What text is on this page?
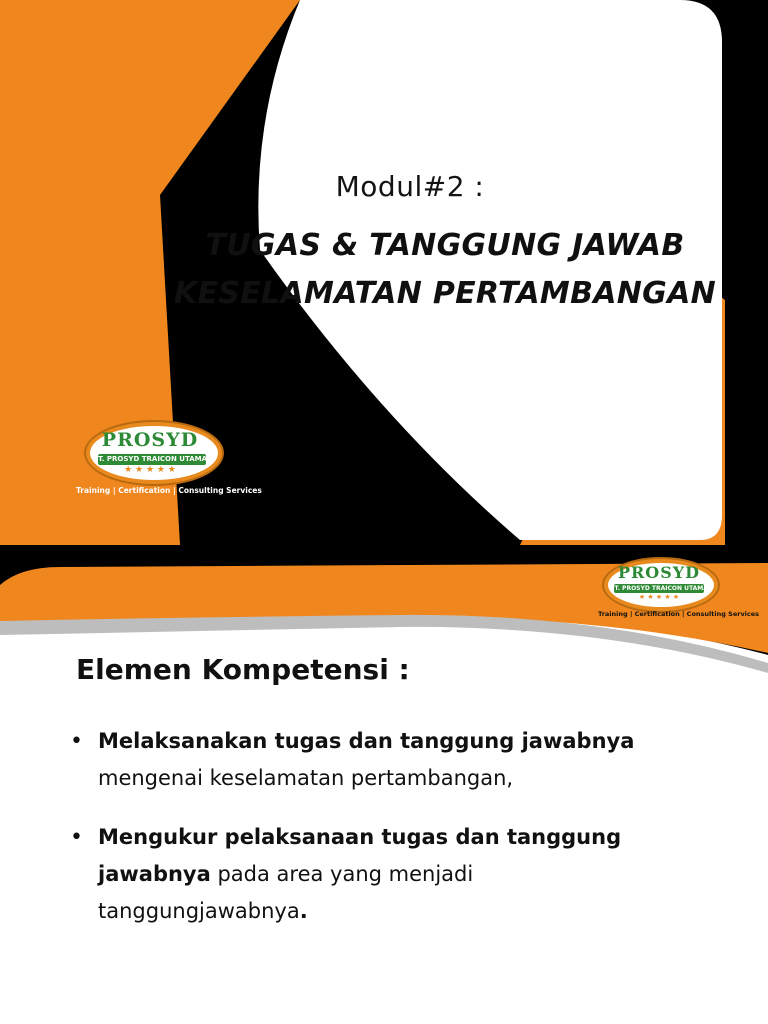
Modul#2 :
TUGAS & TANGGUNG JAWAB
KESELAMATAN PERTAMBANGAN
PROSYD
PT. PROSYD TRAICON UTAMA
★ ★ ★ ★ ★
Training | Certification | Consulting Services
PROSYD
PT. PROSYD TRAICON UTAMA
★ ★ ★ ★ ★
Training | Certification | Consulting Services
Elemen Kompetensi :
• Melaksanakan tugas dan tanggung jawabnya mengenai keselamatan pertambangan,
• Mengukur pelaksanaan tugas dan tanggung jawabnya pada area yang menjadi tanggungjawabnya.
